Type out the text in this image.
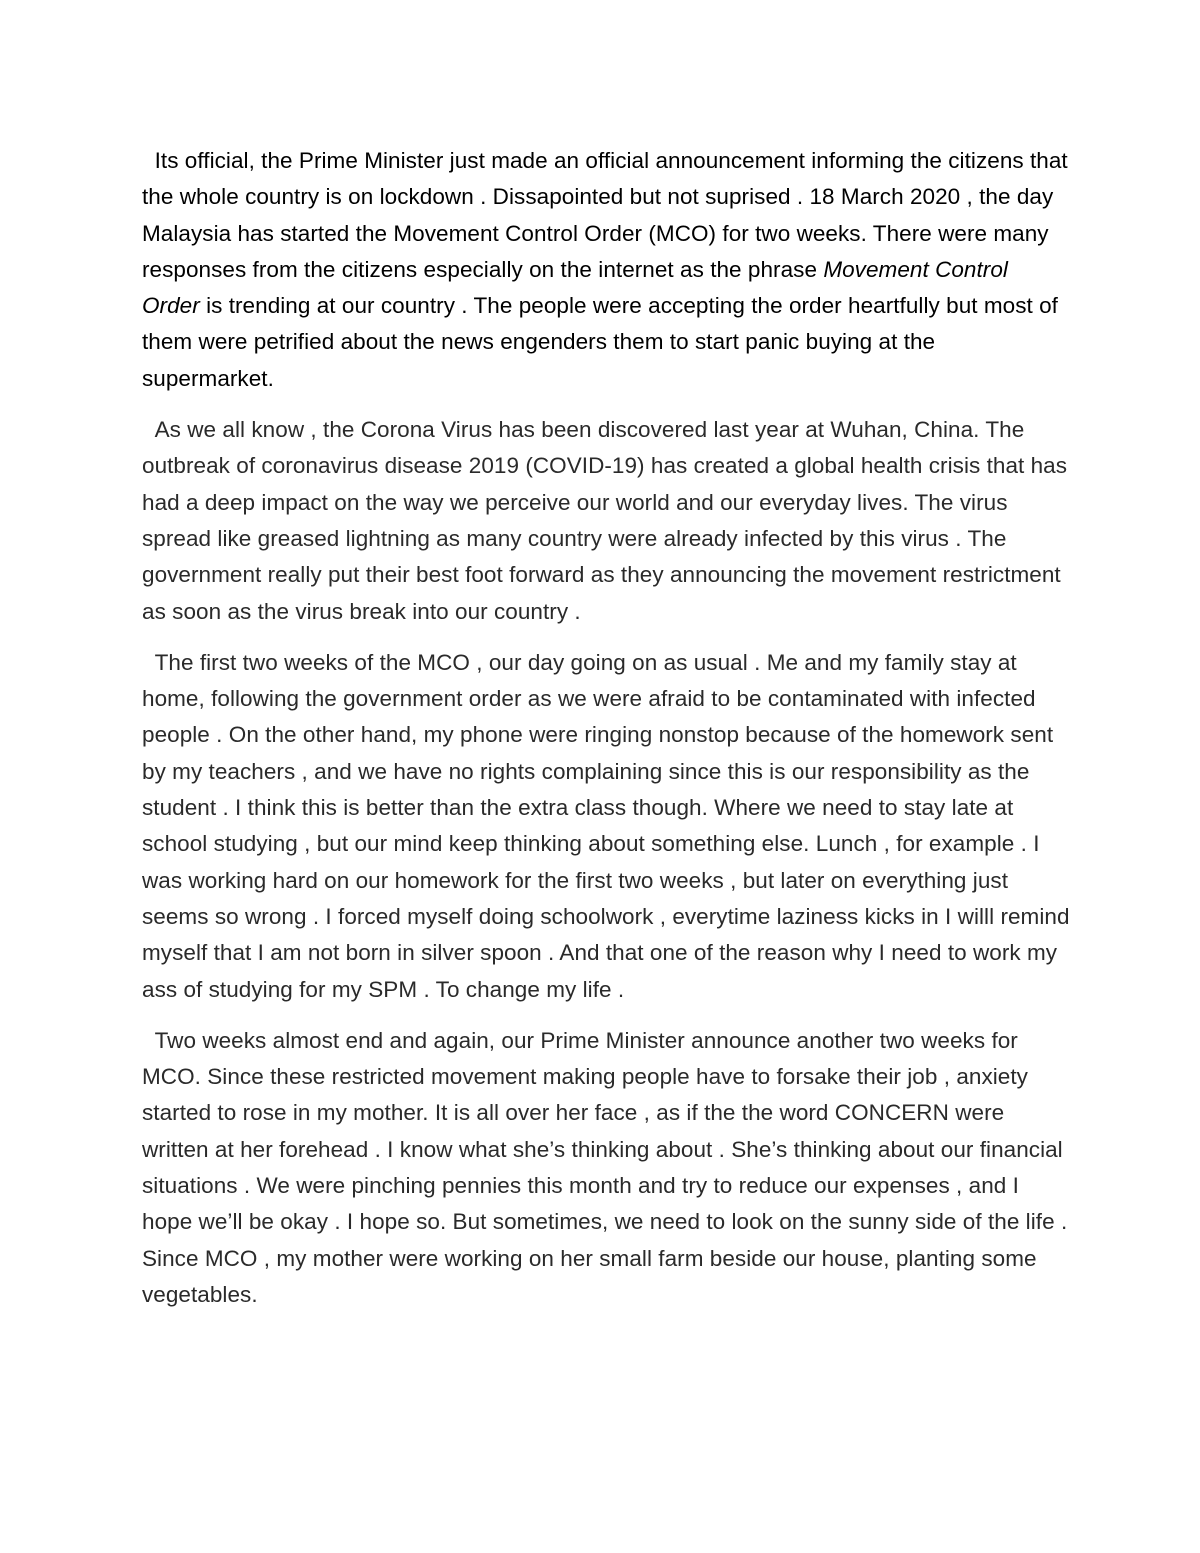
Its official, the Prime Minister just made an official announcement informing the citizens that the whole country is on lockdown . Dissapointed but not suprised . 18 March 2020 , the day Malaysia has started the Movement Control Order (MCO) for two weeks. There were many responses from the citizens especially on the internet as the phrase Movement Control Order is trending at our country . The people were accepting the order heartfully but most of them were petrified about the news engenders them to start panic buying at the supermarket.

As we all know , the Corona Virus has been discovered last year at Wuhan, China. The outbreak of coronavirus disease 2019 (COVID-19) has created a global health crisis that has had a deep impact on the way we perceive our world and our everyday lives. The virus spread like greased lightning as many country were already infected by this virus . The government really put their best foot forward as they announcing the movement restrictment as soon as the virus break into our country .

The first two weeks of the MCO , our day going on as usual . Me and my family stay at home, following the government order as we were afraid to be contaminated with infected people . On the other hand, my phone were ringing nonstop because of the homework sent by my teachers , and we have no rights complaining since this is our responsibility as the student . I think this is better than the extra class though. Where we need to stay late at school studying , but our mind keep thinking about something else. Lunch , for example . I was working hard on our homework for the first two weeks , but later on everything just seems so wrong . I forced myself doing schoolwork , everytime laziness kicks in I willl remind myself that I am not born in silver spoon . And that one of the reason why I need to work my ass of studying for my SPM . To change my life .

Two weeks almost end and again, our Prime Minister announce another two weeks for MCO. Since these restricted movement making people have to forsake their job , anxiety started to rose in my mother. It is all over her face , as if the the word CONCERN were written at her forehead . I know what she’s thinking about . She’s thinking about our financial situations . We were pinching pennies this month and try to reduce our expenses , and I hope we’ll be okay . I hope so. But sometimes, we need to look on the sunny side of the life . Since MCO , my mother were working on her small farm beside our house, planting some vegetables.
